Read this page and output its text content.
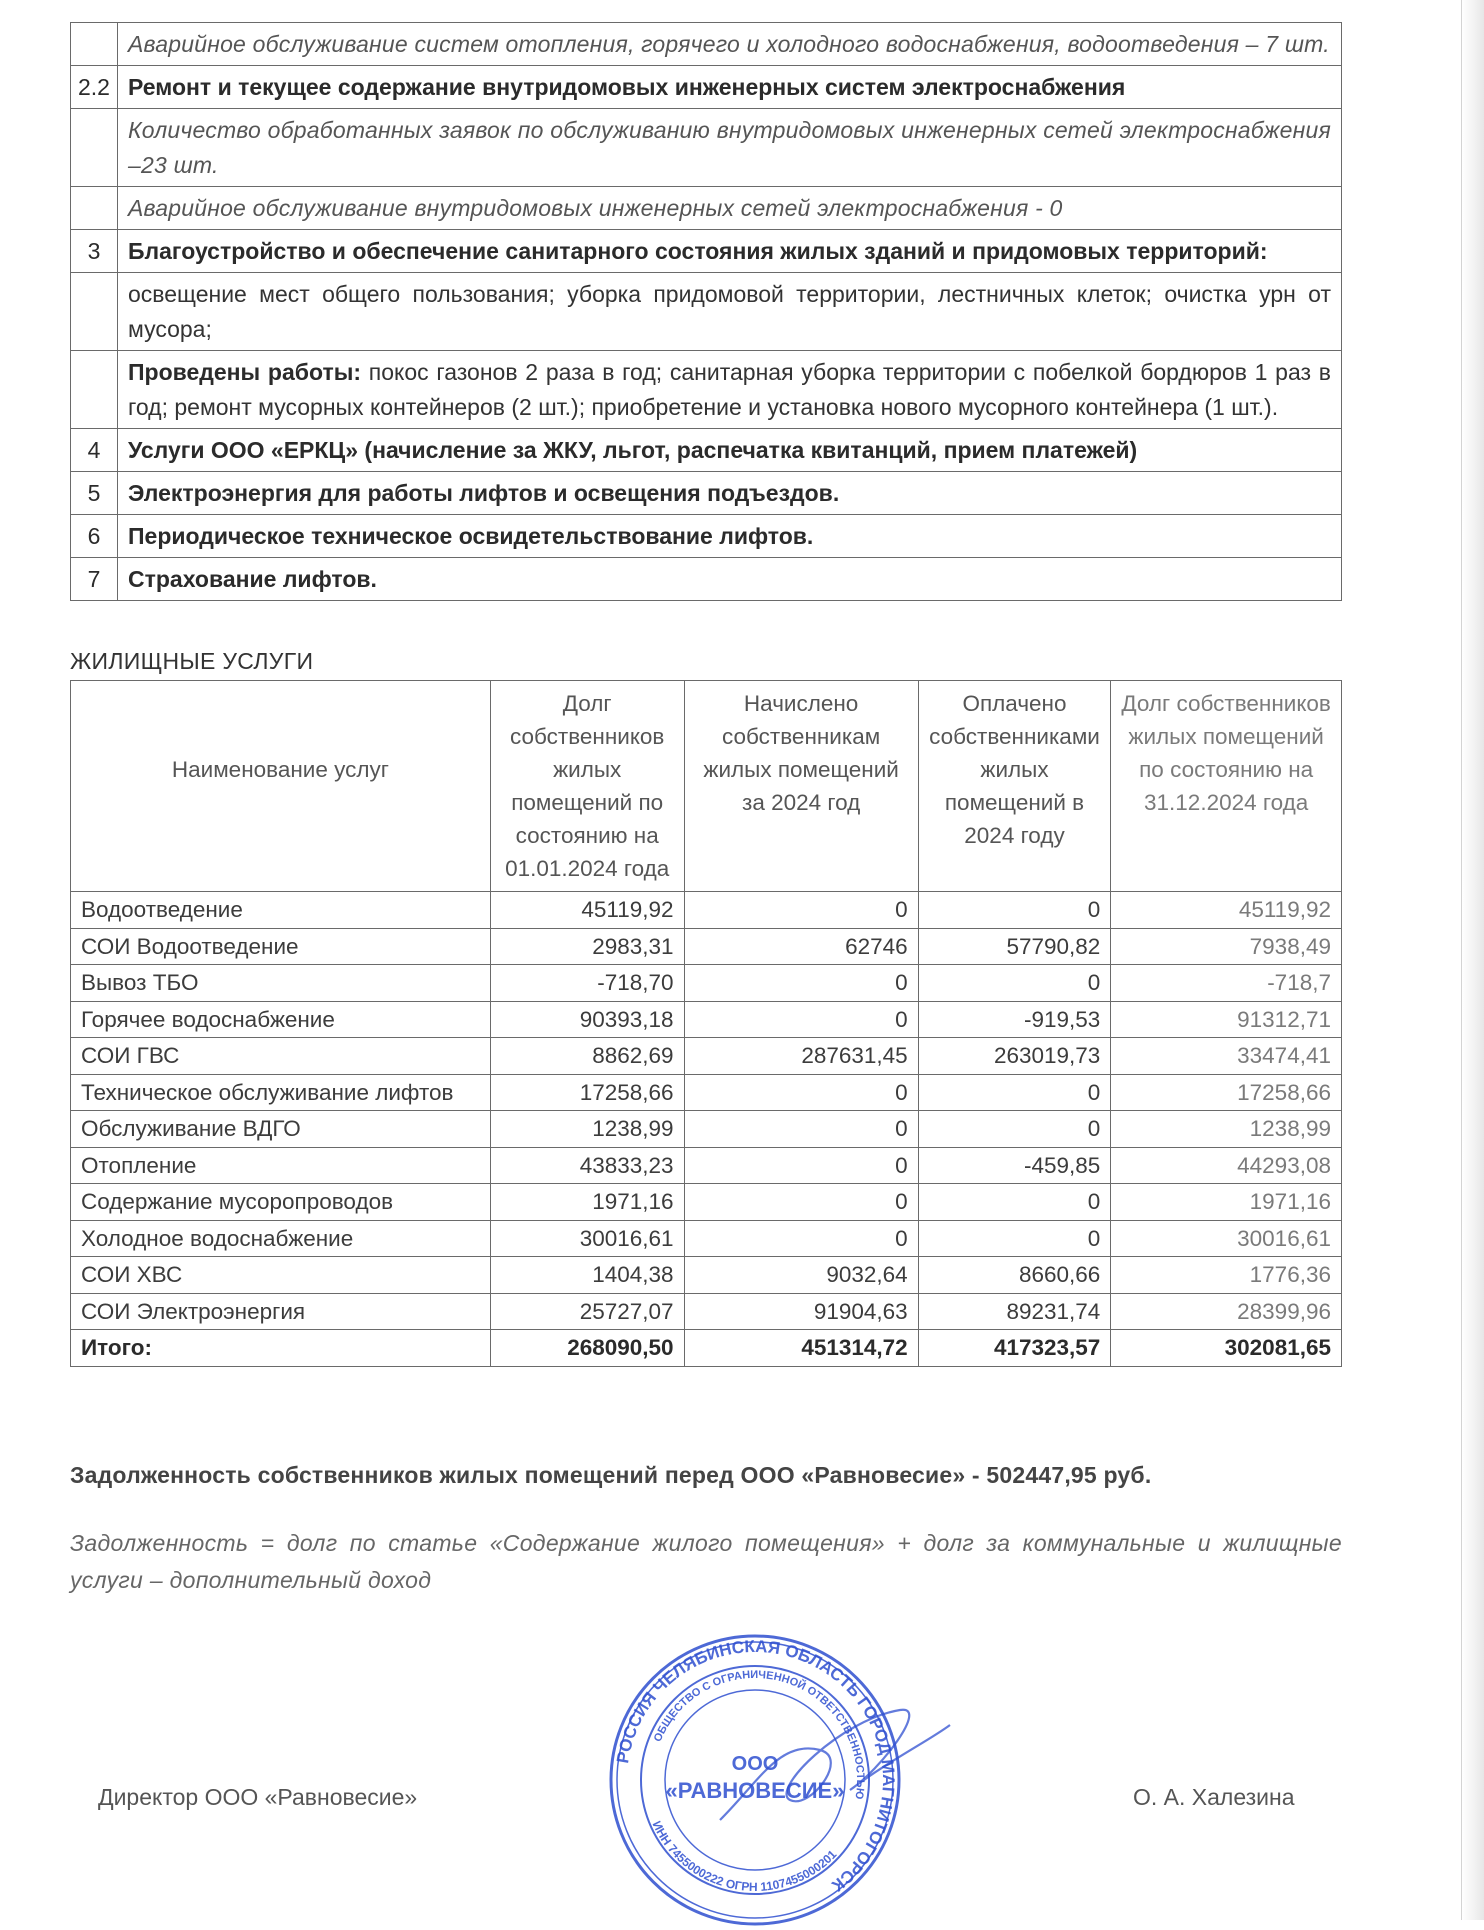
	Аварийное обслуживание систем отопления, горячего и холодного водоснабжения, водоотведения – 7 шт.
2.2	Ремонт и текущее содержание внутридомовых инженерных систем электроснабжения
	Количество обработанных заявок по обслуживанию внутридомовых инженерных сетей электроснабжения –23 шт.
	Аварийное обслуживание внутридомовых инженерных сетей электроснабжения - 0
3	Благоустройство и обеспечение санитарного состояния жилых зданий и придомовых территорий:
	освещение мест общего пользования; уборка придомовой территории, лестничных клеток; очистка урн от мусора;
	Проведены работы: покос газонов 2 раза в год; санитарная уборка территории с побелкой бордюров 1 раз в год; ремонт мусорных контейнеров (2 шт.); приобретение и установка нового мусорного контейнера (1 шт.).
4	Услуги ООО «ЕРКЦ» (начисление за ЖКУ, льгот, распечатка квитанций, прием платежей)
5	Электроэнергия для работы лифтов и освещения подъездов.
6	Периодическое техническое освидетельствование лифтов.
7	Страхование лифтов.
ЖИЛИЩНЫЕ УСЛУГИ
Наименование услуг	Долг собственников жилых помещений по состоянию на 01.01.2024 года	Начислено собственникам жилых помещений за 2024 год	Оплачено собственниками жилых помещений в 2024 году	Долг собственников жилых помещений по состоянию на 31.12.2024 года
Водоотведение	45119,92	0	0	45119,92
СОИ Водоотведение	2983,31	62746	57790,82	7938,49
Вывоз ТБО	-718,70	0	0	-718,7
Горячее водоснабжение	90393,18	0	-919,53	91312,71
СОИ ГВС	8862,69	287631,45	263019,73	33474,41
Техническое обслуживание лифтов	17258,66	0	0	17258,66
Обслуживание ВДГО	1238,99	0	0	1238,99
Отопление	43833,23	0	-459,85	44293,08
Содержание мусоропроводов	1971,16	0	0	1971,16
Холодное водоснабжение	30016,61	0	0	30016,61
СОИ ХВС	1404,38	9032,64	8660,66	1776,36
СОИ Электроэнергия	25727,07	91904,63	89231,74	28399,96
Итого:	268090,50	451314,72	417323,57	302081,65
Задолженность собственников жилых помещений перед ООО «Равновесие» - 502447,95 руб.
Задолженность = долг по статье «Содержание жилого помещения» + долг за коммунальные и жилищные услуги – дополнительный доход
Директор ООО «Равновесие»	О. А. Халезина
РОССИЯ ЧЕЛЯБИНСКАЯ ОБЛАСТЬ ГОРОД МАГНИТОГОРСК
ОБЩЕСТВО С ОГРАНИЧЕННОЙ ОТВЕТСТВЕННОСТЬЮ
ИНН 7455000222 ОГРН 1107455000201
ООО
«РАВНОВЕСИЕ»
